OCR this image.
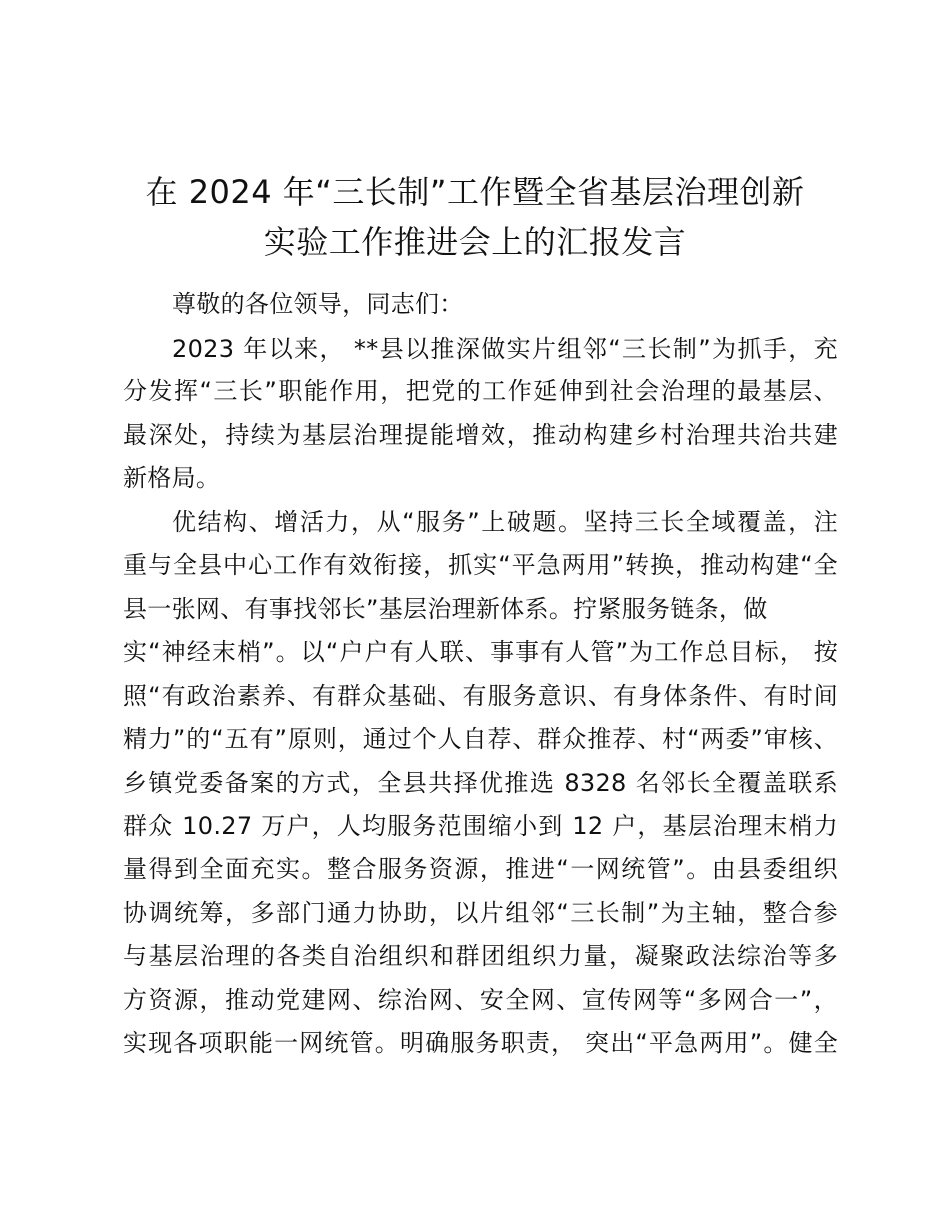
在 2024 年“三长制”工作暨全省基层治理创新
实验工作推进会上的汇报发言
尊敬的各位领导，同志们：
2023 年以来， **县以推深做实片组邻“三长制”为抓手，充
分发挥“三长”职能作用，把党的工作延伸到社会治理的最基层、
最深处，持续为基层治理提能增效，推动构建乡村治理共治共建
新格局。
优结构、增活力，从“服务”上破题。坚持三长全域覆盖，注
重与全县中心工作有效衔接，抓实“平急两用”转换，推动构建“全
县一张网、有事找邻长”基层治理新体系。拧紧服务链条，做
实“神经末梢”。以“户户有人联、事事有人管”为工作总目标， 按
照“有政治素养、有群众基础、有服务意识、有身体条件、有时间
精力”的“五有”原则，通过个人自荐、群众推荐、村“两委”审核、
乡镇党委备案的方式，全县共择优推选 8328 名邻长全覆盖联系
群众 10.27 万户，人均服务范围缩小到 12 户，基层治理末梢力
量得到全面充实。整合服务资源，推进“一网统管”。由县委组织
协调统筹，多部门通力协助，以片组邻“三长制”为主轴，整合参
与基层治理的各类自治组织和群团组织力量，凝聚政法综治等多
方资源，推动党建网、综治网、安全网、宣传网等“多网合一”，
实现各项职能一网统管。明确服务职责， 突出“平急两用”。健全
